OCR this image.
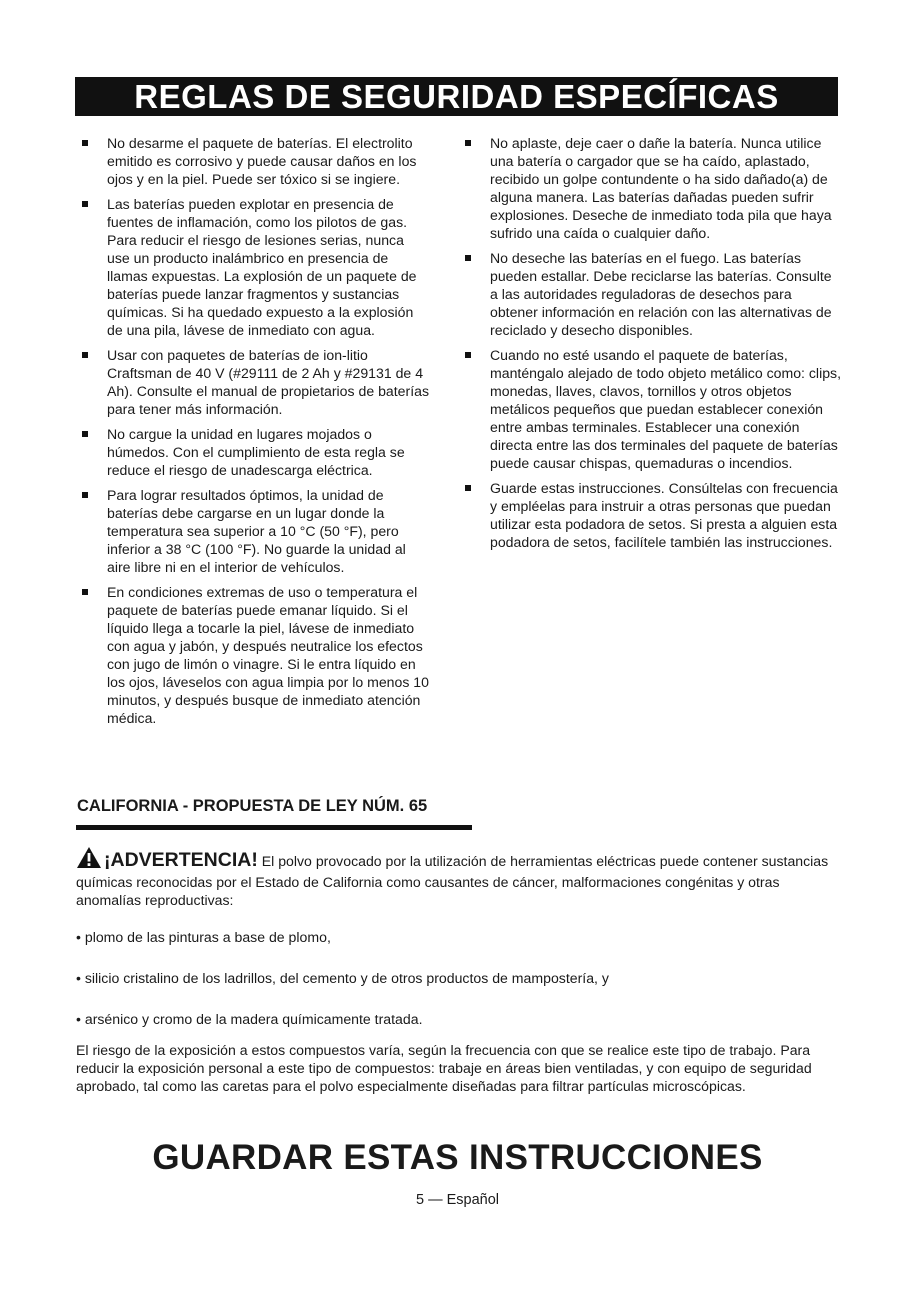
REGLAS DE SEGURIDAD ESPECÍFICAS
No desarme el paquete de baterías. El electrolito emitido es corrosivo y puede causar daños en los ojos y en la piel. Puede ser tóxico si se ingiere.
Las baterías pueden explotar en presencia de fuentes de inflamación, como los pilotos de gas. Para reducir el riesgo de lesiones serias, nunca use un producto inalámbrico en presencia de llamas expuestas. La explosión de un paquete de baterías puede lanzar fragmentos y sustancias químicas. Si ha quedado expuesto a la explosión de una pila, lávese de inmediato con agua.
Usar con paquetes de baterías de ion-litio Craftsman de 40 V (#29111 de 2 Ah y #29131 de 4 Ah). Consulte el manual de propietarios de baterías para tener más información.
No cargue la unidad en lugares mojados o húmedos. Con el cumplimiento de esta regla se reduce el riesgo de unadescarga eléctrica.
Para lograr resultados óptimos, la unidad de baterías debe cargarse en un lugar donde la temperatura sea superior a 10 °C (50 °F), pero inferior a 38 °C (100 °F). No guarde la unidad al aire libre ni en el interior de vehículos.
En condiciones extremas de uso o temperatura el paquete de baterías puede emanar líquido. Si el líquido llega a tocarle la piel, lávese de inmediato con agua y jabón, y después neutralice los efectos con jugo de limón o vinagre. Si le entra líquido en los ojos, láveselos con agua limpia por lo menos 10 minutos, y después busque de inmediato atención médica.
No aplaste, deje caer o dañe la batería. Nunca utilice una batería o cargador que se ha caído, aplastado, recibido un golpe contundente o ha sido dañado(a) de alguna manera. Las baterías dañadas pueden sufrir explosiones. Deseche de inmediato toda pila que haya sufrido una caída o cualquier daño.
No deseche las baterías en el fuego. Las baterías pueden estallar. Debe reciclarse las baterías. Consulte a las autoridades reguladoras de desechos para obtener información en relación con las alternativas de reciclado y desecho disponibles.
Cuando no esté usando el paquete de baterías, manténgalo alejado de todo objeto metálico como: clips, monedas, llaves, clavos, tornillos y otros objetos metálicos pequeños que puedan establecer conexión entre ambas terminales. Establecer una conexión directa entre las dos terminales del paquete de baterías puede causar chispas, quemaduras o incendios.
Guarde estas instrucciones. Consúltelas con frecuencia y empléelas para instruir a otras personas que puedan utilizar esta podadora de setos. Si presta a alguien esta podadora de setos, facilítele también las instrucciones.
CALIFORNIA - PROPUESTA DE LEY NÚM. 65
¡ADVERTENCIA! El polvo provocado por la utilización de herramientas eléctricas puede contener sustancias químicas reconocidas por el Estado de California como causantes de cáncer, malformaciones congénitas y otras anomalías reproductivas:
• plomo de las pinturas a base de plomo,
• silicio cristalino de los ladrillos, del cemento y de otros productos de mampostería, y
• arsénico y cromo de la madera químicamente tratada.
El riesgo de la exposición a estos compuestos varía, según la frecuencia con que se realice este tipo de trabajo. Para reducir la exposición personal a este tipo de compuestos: trabaje en áreas bien ventiladas, y con equipo de seguridad aprobado, tal como las caretas para el polvo especialmente diseñadas para filtrar partículas microscópicas.
GUARDAR ESTAS INSTRUCCIONES
5 — Español
